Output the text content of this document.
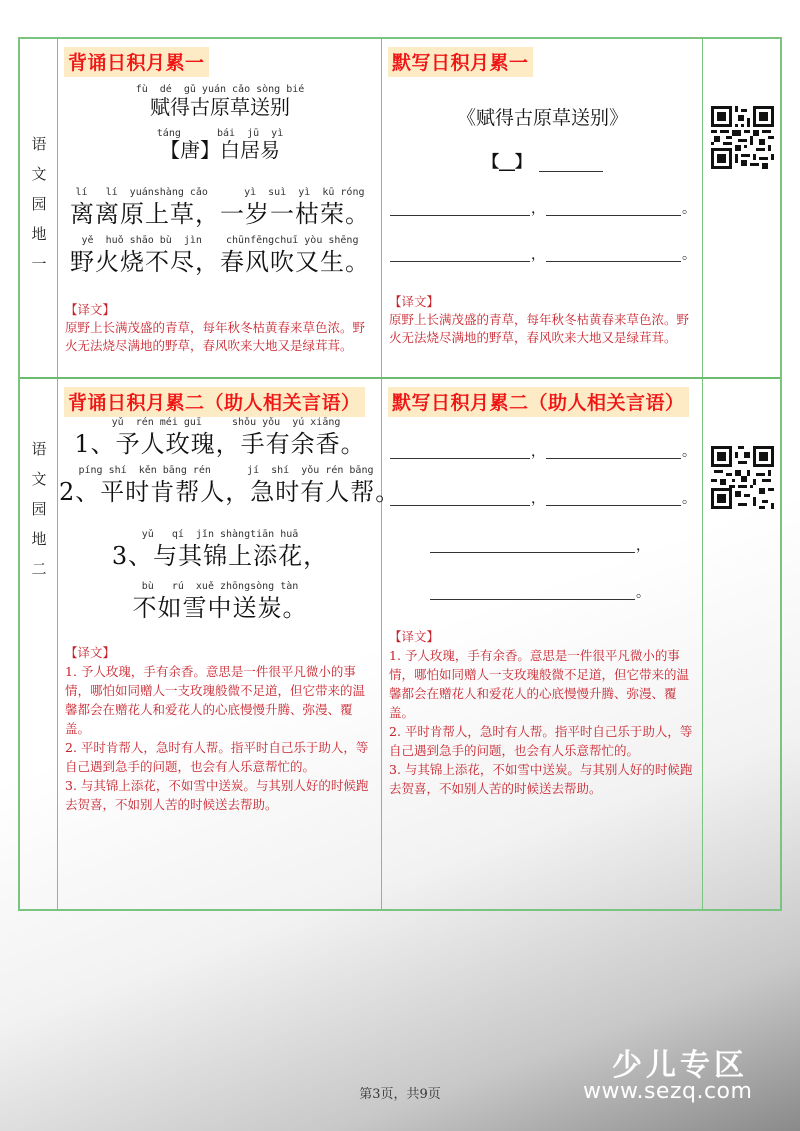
语文园地一
背诵日积月累一
fù  dé  gǔ yuán cǎo sòng bié
赋得古原草送别
táng      bái  jū  yì
【唐】白居易
lí   lí  yuánshàng cǎo      yì  suì  yì  kū róng
离离原上草，一岁一枯荣。
yě  huǒ shāo bù  jìn    chūnfēngchuī yòu shēng
野火烧不尽，春风吹又生。
【译文】
原野上长满茂盛的青草，每年秋冬枯黄春来草色浓。野火无法烧尽满地的野草，春风吹来大地又是绿茸茸。
默写日积月累一
《赋得古原草送别》
【__】
，	。
，	。
【译文】
原野上长满茂盛的青草，每年秋冬枯黄春来草色浓。野火无法烧尽满地的野草，春风吹来大地又是绿茸茸。
语文园地二
背诵日积月累二（助人相关言语）
yǔ  rén méi guī     shǒu yǒu  yú xiāng
1、予人玫瑰，手有余香。
píng shí  kěn bāng rén      jí  shí  yǒu rén bāng
2、平时肯帮人，急时有人帮。
yǔ   qí  jǐn shàngtiān huā
3、与其锦上添花，
bù   rú  xuě zhōngsòng tàn
不如雪中送炭。
【译文】
1. 予人玫瑰，手有余香。意思是一件很平凡微小的事情，哪怕如同赠人一支玫瑰般微不足道，但它带来的温馨都会在赠花人和爱花人的心底慢慢升腾、弥漫、覆盖。
2. 平时肯帮人，急时有人帮。指平时自己乐于助人，等自己遇到急手的问题，也会有人乐意帮忙的。
3. 与其锦上添花，不如雪中送炭。与其别人好的时候跑去贺喜，不如别人苦的时候送去帮助。
默写日积月累二（助人相关言语）
，	。
，	。
，
。
【译文】
1. 予人玫瑰，手有余香。意思是一件很平凡微小的事情，哪怕如同赠人一支玫瑰般微不足道，但它带来的温馨都会在赠花人和爱花人的心底慢慢升腾、弥漫、覆盖。
2. 平时肯帮人，急时有人帮。指平时自己乐于助人，等自己遇到急手的问题，也会有人乐意帮忙的。
3. 与其锦上添花，不如雪中送炭。与其别人好的时候跑去贺喜，不如别人苦的时候送去帮助。
少儿专区
www.sezq.com
第3页，共9页
